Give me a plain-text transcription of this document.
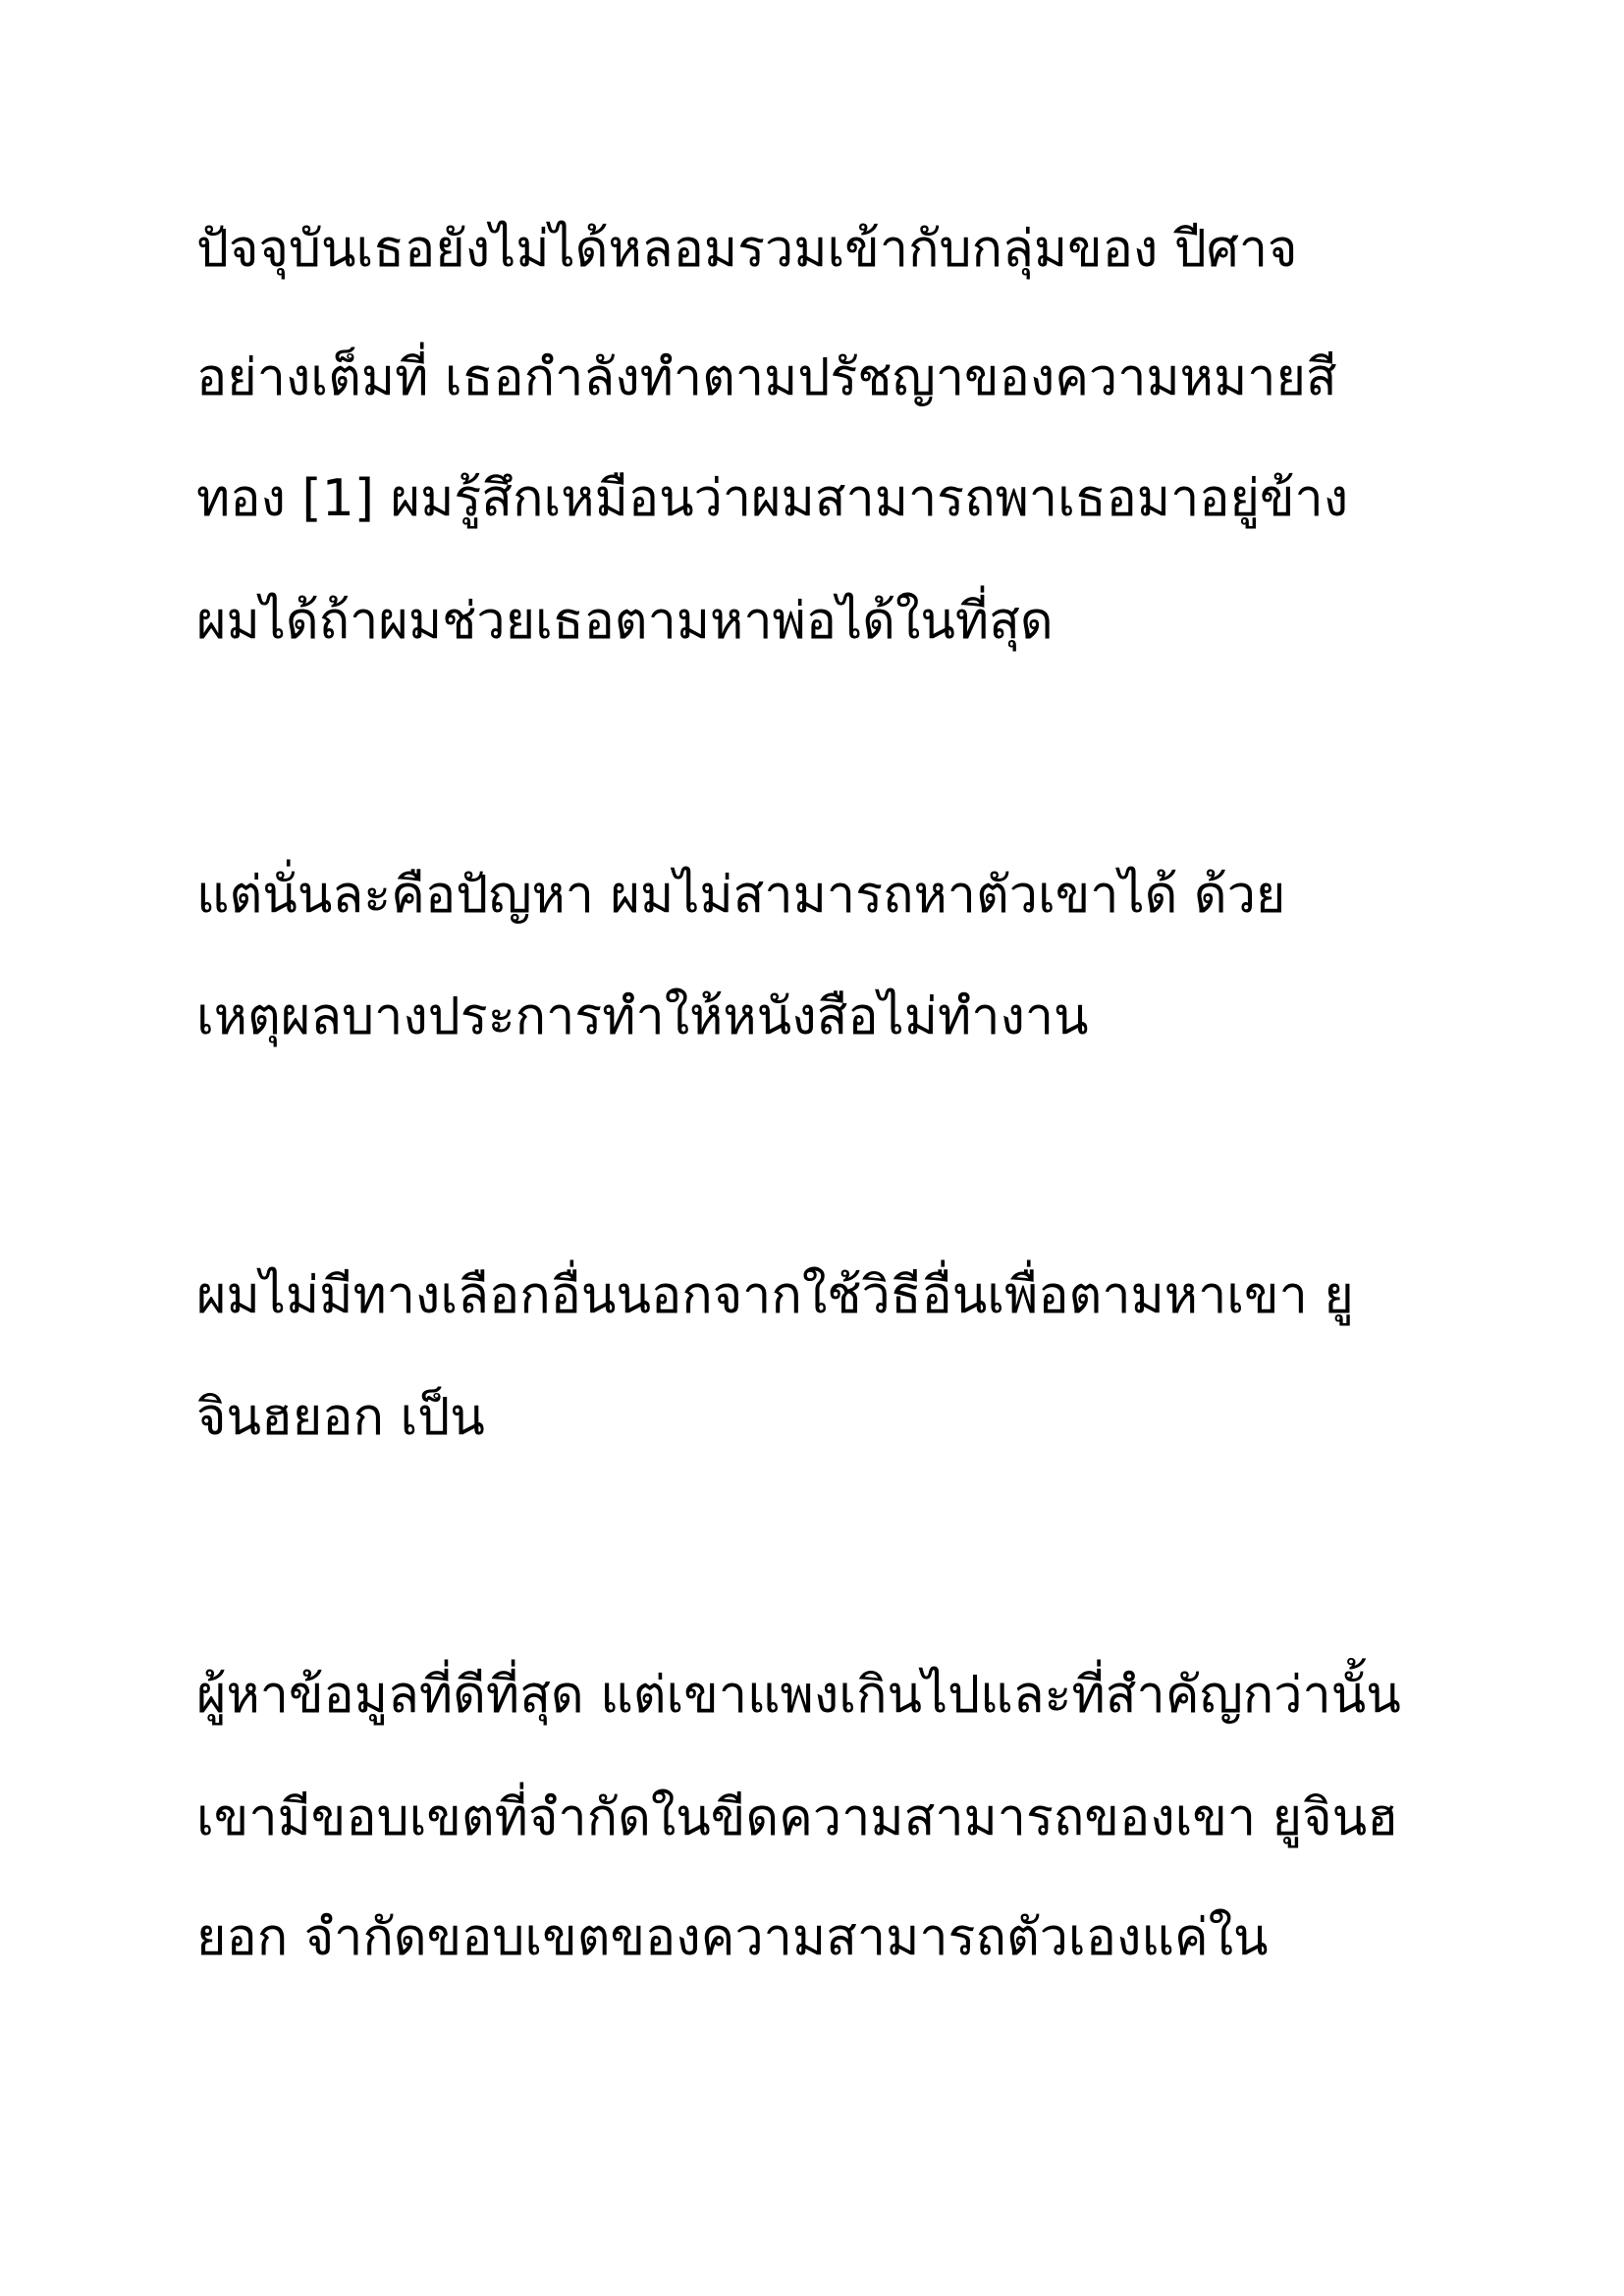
ปัจจุบันเธอยังไม่ได้หลอมรวมเข้ากับกลุ่มของ ปีศาจ

อย่างเต็มที่ เธอกำลังทำตามปรัชญาของความหมายสี

ทอง [1] ผมรู้สึกเหมือนว่าผมสามารถพาเธอมาอยู่ข้าง

ผมได้ถ้าผมช่วยเธอตามหาพ่อได้ในที่สุด

แต่นั่นละคือปัญหา ผมไม่สามารถหาตัวเขาได้ ด้วย

เหตุผลบางประการทำให้หนังสือไม่ทำงาน

ผมไม่มีทางเลือกอื่นนอกจากใช้วิธีอื่นเพื่อตามหาเขา ยู

จินฮยอก เป็น

ผู้หาข้อมูลที่ดีที่สุด แต่เขาแพงเกินไปและที่สำคัญกว่านั้น

เขามีขอบเขตที่จำกัดในขีดความสามารถของเขา ยูจินฮ

ยอก จำกัดขอบเขตของความสามารถตัวเองแค่ใน
